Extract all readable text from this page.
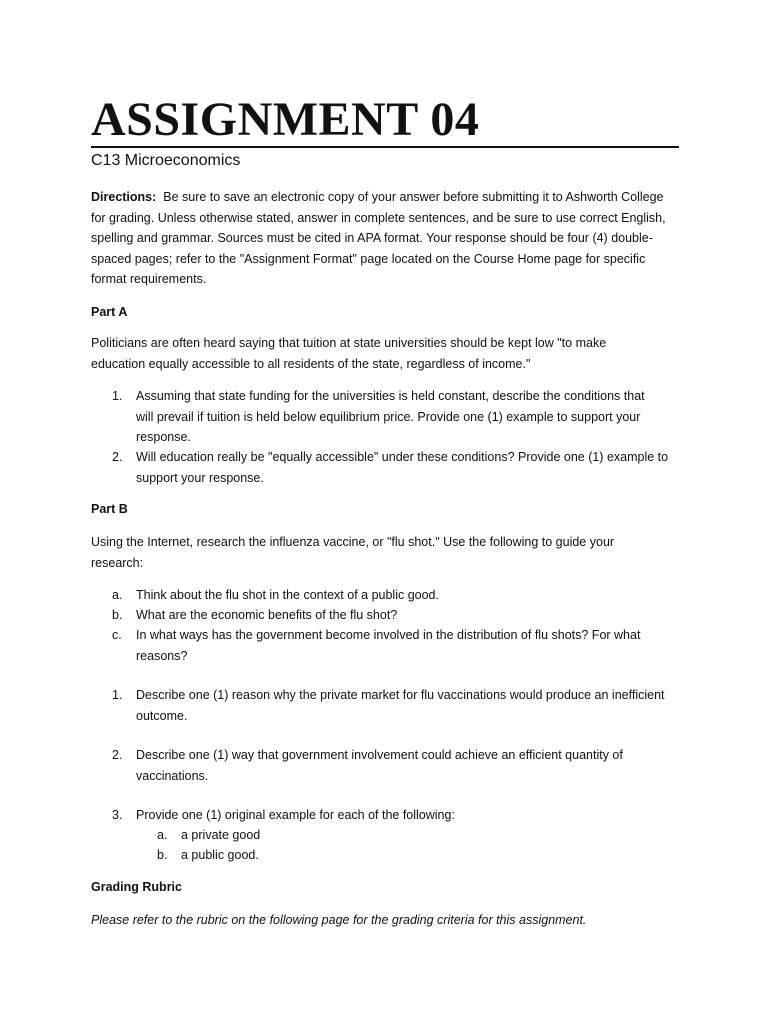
ASSIGNMENT 04
C13 Microeconomics
Directions: Be sure to save an electronic copy of your answer before submitting it to Ashworth College
for grading. Unless otherwise stated, answer in complete sentences, and be sure to use correct English,
spelling and grammar. Sources must be cited in APA format. Your response should be four (4) double-
spaced pages; refer to the "Assignment Format" page located on the Course Home page for specific
format requirements.
Part A
Politicians are often heard saying that tuition at state universities should be kept low "to make
education equally accessible to all residents of the state, regardless of income."
1.	Assuming that state funding for the universities is held constant, describe the conditions that
will prevail if tuition is held below equilibrium price. Provide one (1) example to support your
response.
2.	Will education really be "equally accessible" under these conditions? Provide one (1) example to
support your response.
Part B
Using the Internet, research the influenza vaccine, or "flu shot." Use the following to guide your
research:
a.	Think about the flu shot in the context of a public good.
b.	What are the economic benefits of the flu shot?
c.	In what ways has the government become involved in the distribution of flu shots? For what
reasons?
1.	Describe one (1) reason why the private market for flu vaccinations would produce an inefficient
outcome.
2.	Describe one (1) way that government involvement could achieve an efficient quantity of
vaccinations.
3.	Provide one (1) original example for each of the following:
a.	a private good
b.	a public good.
Grading Rubric
Please refer to the rubric on the following page for the grading criteria for this assignment.
